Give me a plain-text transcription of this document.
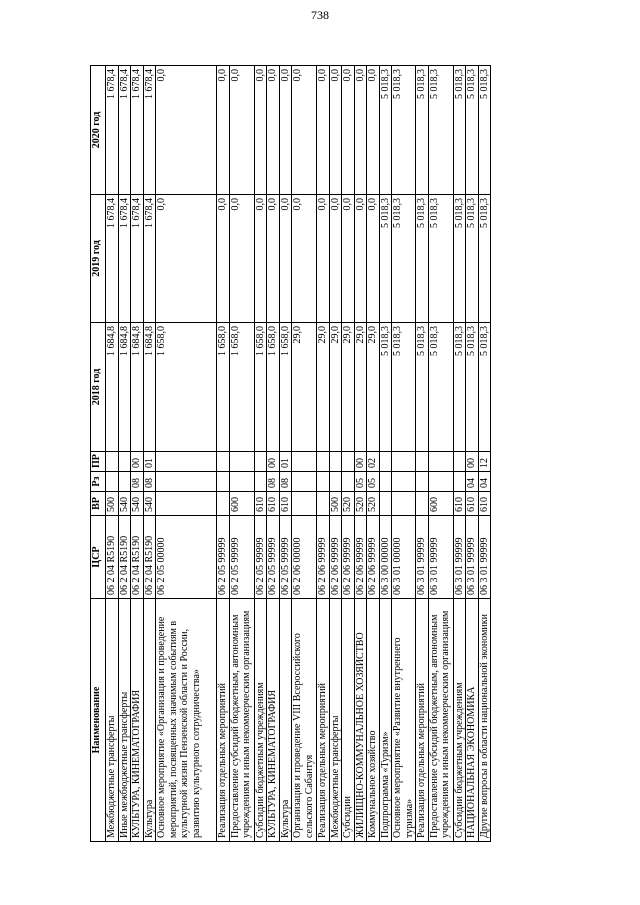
738
Наименование	ЦСР	ВР	Рз	ПР	2018 год	2019 год	2020 год
Межбюджетные трансферты	06 2 04 R5190	500			1 684,8	1 678,4	1 678,4
Иные межбюджетные трансферты	06 2 04 R5190	540			1 684,8	1 678,4	1 678,4
КУЛЬТУРА, КИНЕМАТОГРАФИЯ	06 2 04 R5190	540	08	00	1 684,8	1 678,4	1 678,4
Культура	06 2 04 R5190	540	08	01	1 684,8	1 678,4	1 678,4
Основное мероприятие «Организация и проведение мероприятий, посвященных значимым событиям в культурной жизни Пензенской области и России, развитию культурного сотрудничества»	06 2 05 00000				1 658,0	0,0	0,0
Реализация отдельных мероприятий	06 2 05 99999				1 658,0	0,0	0,0
Предоставление субсидий бюджетным, автономным учреждениям и иным некоммерческим организациям	06 2 05 99999	600			1 658,0	0,0	0,0
Субсидии бюджетным учреждениям	06 2 05 99999	610			1 658,0	0,0	0,0
КУЛЬТУРА, КИНЕМАТОГРАФИЯ	06 2 05 99999	610	08	00	1 658,0	0,0	0,0
Культура	06 2 05 99999	610	08	01	1 658,0	0,0	0,0
Организация и проведение VIII Всероссийского сельского Сабантуя	06 2 06 00000				29,0	0,0	0,0
Реализация отдельных мероприятий	06 2 06 99999				29,0	0,0	0,0
Межбюджетные трансферты	06 2 06 99999	500			29,0	0,0	0,0
Субсидии	06 2 06 99999	520			29,0	0,0	0,0
ЖИЛИЩНО-КОММУНАЛЬНОЕ ХОЗЯЙСТВО	06 2 06 99999	520	05	00	29,0	0,0	0,0
Коммунальное хозяйство	06 2 06 99999	520	05	02	29,0	0,0	0,0
Подпрограмма «Туризм»	06 3 00 00000				5 018,3	5 018,3	5 018,3
Основное мероприятие «Развитие внутреннего туризма»	06 3 01 00000				5 018,3	5 018,3	5 018,3
Реализация отдельных мероприятий	06 3 01 99999				5 018,3	5 018,3	5 018,3
Предоставление субсидий бюджетным, автономным учреждениям и иным некоммерческим организациям	06 3 01 99999	600			5 018,3	5 018,3	5 018,3
Субсидии бюджетным учреждениям	06 3 01 99999	610			5 018,3	5 018,3	5 018,3
НАЦИОНАЛЬНАЯ ЭКОНОМИКА	06 3 01 99999	610	04	00	5 018,3	5 018,3	5 018,3
Другие вопросы в области национальной экономики	06 3 01 99999	610	04	12	5 018,3	5 018,3	5 018,3
